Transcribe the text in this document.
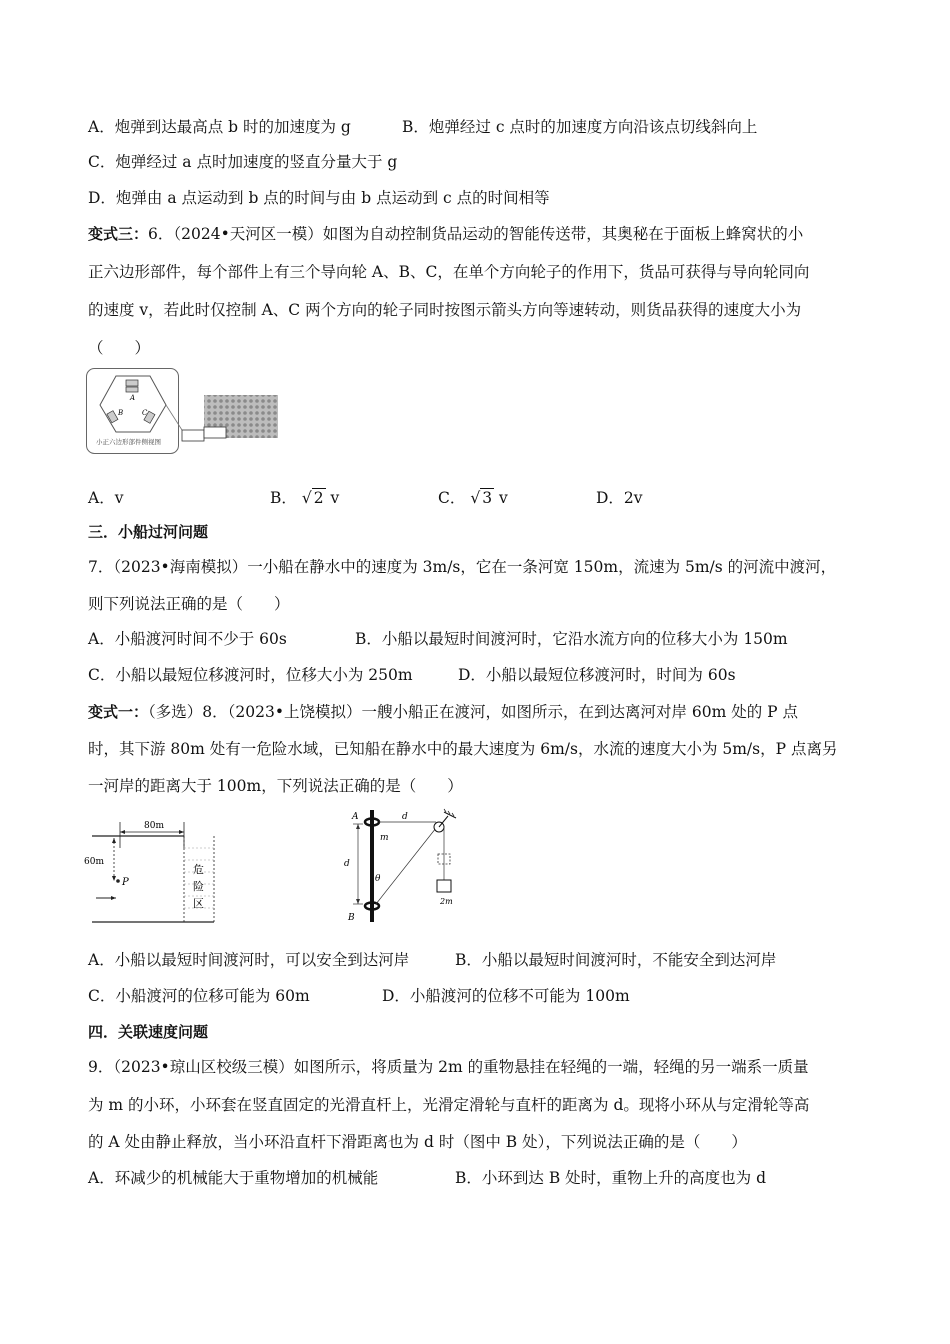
A．炮弹到达最高点 b 时的加速度为 g	B．炮弹经过 c 点时的加速度方向沿该点切线斜向上
C．炮弹经过 a 点时加速度的竖直分量大于 g
D．炮弹由 a 点运动到 b 点的时间与由 b 点运动到 c 点的时间相等
变式三：6．（2024•天河区一模）如图为自动控制货品运动的智能传送带，其奥秘在于面板上蜂窝状的小
正六边形部件，每个部件上有三个导向轮 A、B、C，在单个方向轮子的作用下，货品可获得与导向轮同向
的速度 v，若此时仅控制 A、C 两个方向的轮子同时按图示箭头方向等速转动，则货品获得的速度大小为
（　　）
A
B	C
小正六边形部件侧视图
A．v	B． √ 2 v	C． √ 3 v	D．2v
三．小船过河问题
7．（2023•海南模拟）一小船在静水中的速度为 3m/s，它在一条河宽 150m，流速为 5m/s 的河流中渡河，
则下列说法正确的是（　　）
A．小船渡河时间不少于 60s	B．小船以最短时间渡河时，它沿水流方向的位移大小为 150m
C．小船以最短位移渡河时，位移大小为 250m	D．小船以最短位移渡河时，时间为 60s
变式一：（多选）8．（2023•上饶模拟）一艘小船正在渡河，如图所示，在到达离河对岸 60m 处的 P 点
时，其下游 80m 处有一危险水域，已知船在静水中的最大速度为 6m/s，水流的速度大小为 5m/s，P 点离另
一河岸的距离大于 100m，下列说法正确的是（　　）
80m
60m
P
危
险
区
A
B
d
m
d
θ
2m
A．小船以最短时间渡河时，可以安全到达河岸	B．小船以最短时间渡河时，不能安全到达河岸
C．小船渡河的位移可能为 60m	D．小船渡河的位移不可能为 100m
四．关联速度问题
9．（2023•琼山区校级三模）如图所示，将质量为 2m 的重物悬挂在轻绳的一端，轻绳的另一端系一质量
为 m 的小环，小环套在竖直固定的光滑直杆上，光滑定滑轮与直杆的距离为 d。现将小环从与定滑轮等高
的 A 处由静止释放，当小环沿直杆下滑距离也为 d 时（图中 B 处），下列说法正确的是（　　）
A．环减少的机械能大于重物增加的机械能	B．小环到达 B 处时，重物上升的高度也为 d
